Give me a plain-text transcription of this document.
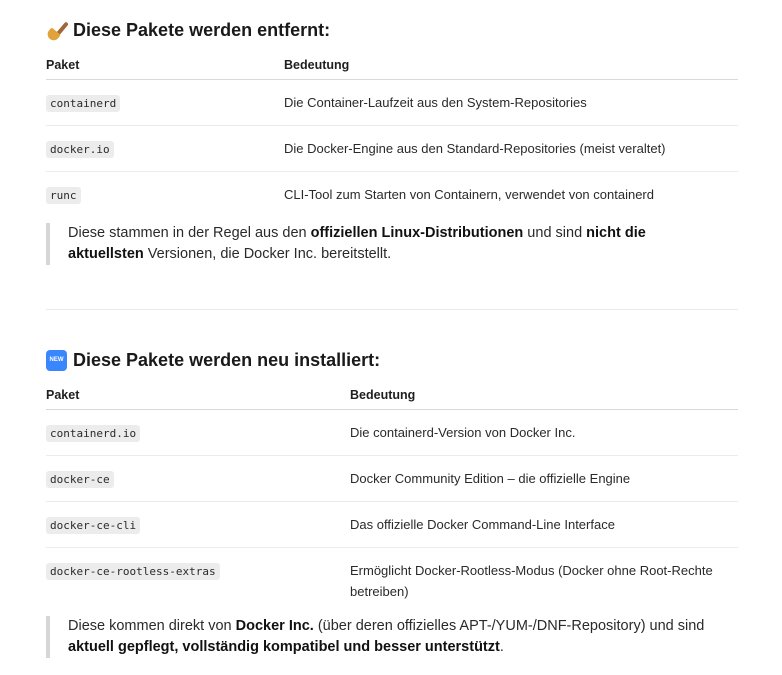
Diese Pakete werden entfernt:
Paket	Bedeutung
containerd	Die Container-Laufzeit aus den System-Repositories
docker.io	Die Docker-Engine aus den Standard-Repositories (meist veraltet)
runc	CLI-Tool zum Starten von Containern, verwendet von containerd
Diese stammen in der Regel aus den offiziellen Linux-Distributionen und sind nicht die aktuellsten Versionen, die Docker Inc. bereitstellt.
NEW Diese Pakete werden neu installiert:
Paket	Bedeutung
containerd.io	Die containerd-Version von Docker Inc.
docker-ce	Docker Community Edition – die offizielle Engine
docker-ce-cli	Das offizielle Docker Command-Line Interface
docker-ce-rootless-extras	Ermöglicht Docker-Rootless-Modus (Docker ohne Root-Rechte betreiben)
Diese kommen direkt von Docker Inc. (über deren offizielles APT-/YUM-/DNF-Repository) und sind aktuell gepflegt, vollständig kompatibel und besser unterstützt.
